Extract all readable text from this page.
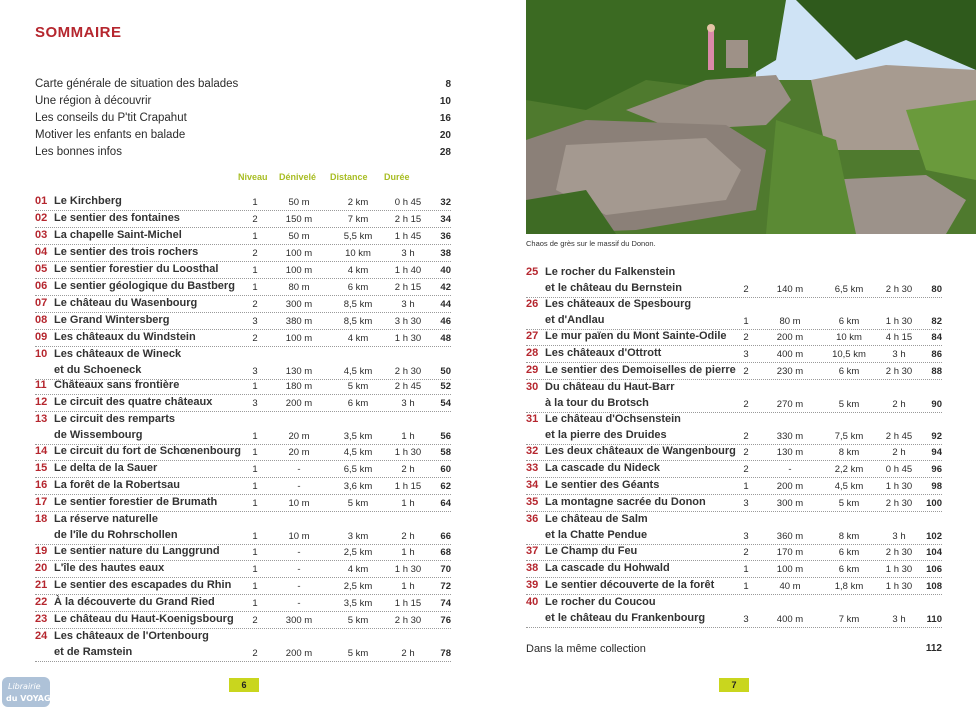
SOMMAIRE
Carte générale de situation des balades	8
Une région à découvrir	10
Les conseils du P'tit Crapahut	16
Motiver les enfants en balade	20
Les bonnes infos	28
Niveau Dénivelé Distance Durée
01 Le Kirchberg	1	50 m	2 km	0 h 45	32
02 Le sentier des fontaines	2	150 m	7 km	2 h 15	34
03 La chapelle Saint-Michel	1	50 m	5,5 km	1 h 45	36
04 Le sentier des trois rochers	2	100 m	10 km	3 h	38
05 Le sentier forestier du Loosthal	1	100 m	4 km	1 h 40	40
06 Le sentier géologique du Bastberg	1	80 m	6 km	2 h 15	42
07 Le château du Wasenbourg	2	300 m	8,5 km	3 h	44
08 Le Grand Wintersberg	3	380 m	8,5 km	3 h 30	46
09 Les châteaux du Windstein	2	100 m	4 km	1 h 30	48
10 Les châteaux de Wineck
et du Schoeneck	3	130 m	4,5 km	2 h 30	50
11 Châteaux sans frontière	1	180 m	5 km	2 h 45	52
12 Le circuit des quatre châteaux	3	200 m	6 km	3 h	54
13 Le circuit des remparts
de Wissembourg	1	20 m	3,5 km	1 h	56
14 Le circuit du fort de Schœnenbourg	1	20 m	4,5 km	1 h 30	58
15 Le delta de la Sauer	1	-	6,5 km	2 h	60
16 La forêt de la Robertsau	1	-	3,6 km	1 h 15	62
17 Le sentier forestier de Brumath	1	10 m	5 km	1 h	64
18 La réserve naturelle
de l'île du Rohrschollen	1	10 m	3 km	2 h	66
19 Le sentier nature du Langgrund	1	-	2,5 km	1 h	68
20 L'île des hautes eaux	1	-	4 km	1 h 30	70
21 Le sentier des escapades du Rhin	1	-	2,5 km	1 h	72
22 À la découverte du Grand Ried	1	-	3,5 km	1 h 15	74
23 Le château du Haut-Koenigsbourg	2	300 m	5 km	2 h 30	76
24 Les châteaux de l'Ortenbourg
et de Ramstein	2	200 m	5 km	2 h	78
25 Le rocher du Falkenstein
et le château du Bernstein	2	140 m	6,5 km	2 h 30	80
26 Les châteaux de Spesbourg
et d'Andlau	1	80 m	6 km	1 h 30	82
27 Le mur païen du Mont Sainte-Odile	2	200 m	10 km	4 h 15	84
28 Les châteaux d'Ottrott	3	400 m	10,5 km	3 h	86
29 Le sentier des Demoiselles de pierre 2	230 m	6 km	2 h 30	88
30 Du château du Haut-Barr
à la tour du Brotsch	2	270 m	5 km	2 h	90
31 Le château d'Ochsenstein
et la pierre des Druides	2	330 m	7,5 km	2 h 45	92
32 Les deux châteaux de Wangenbourg 2	130 m	8 km	2 h	94
33 La cascade du Nideck	2	-	2,2 km	0 h 45	96
34 Le sentier des Géants	1	200 m	4,5 km	1 h 30	98
35 La montagne sacrée du Donon	3	300 m	5 km	2 h 30	100
36 Le château de Salm
et la Chatte Pendue	3	360 m	8 km	3 h	102
37 Le Champ du Feu	2	170 m	6 km	2 h 30	104
38 La cascade du Hohwald	1	100 m	6 km	1 h 30	106
39 Le sentier découverte de la forêt	1	40 m	1,8 km	1 h 30	108
40 Le rocher du Coucou
et le château du Frankenbourg	3	400 m	7 km	3 h	110
Chaos de grès sur le massif du Donon.
Dans la même collection	112
6	7
Librairie
du VOYAGE
